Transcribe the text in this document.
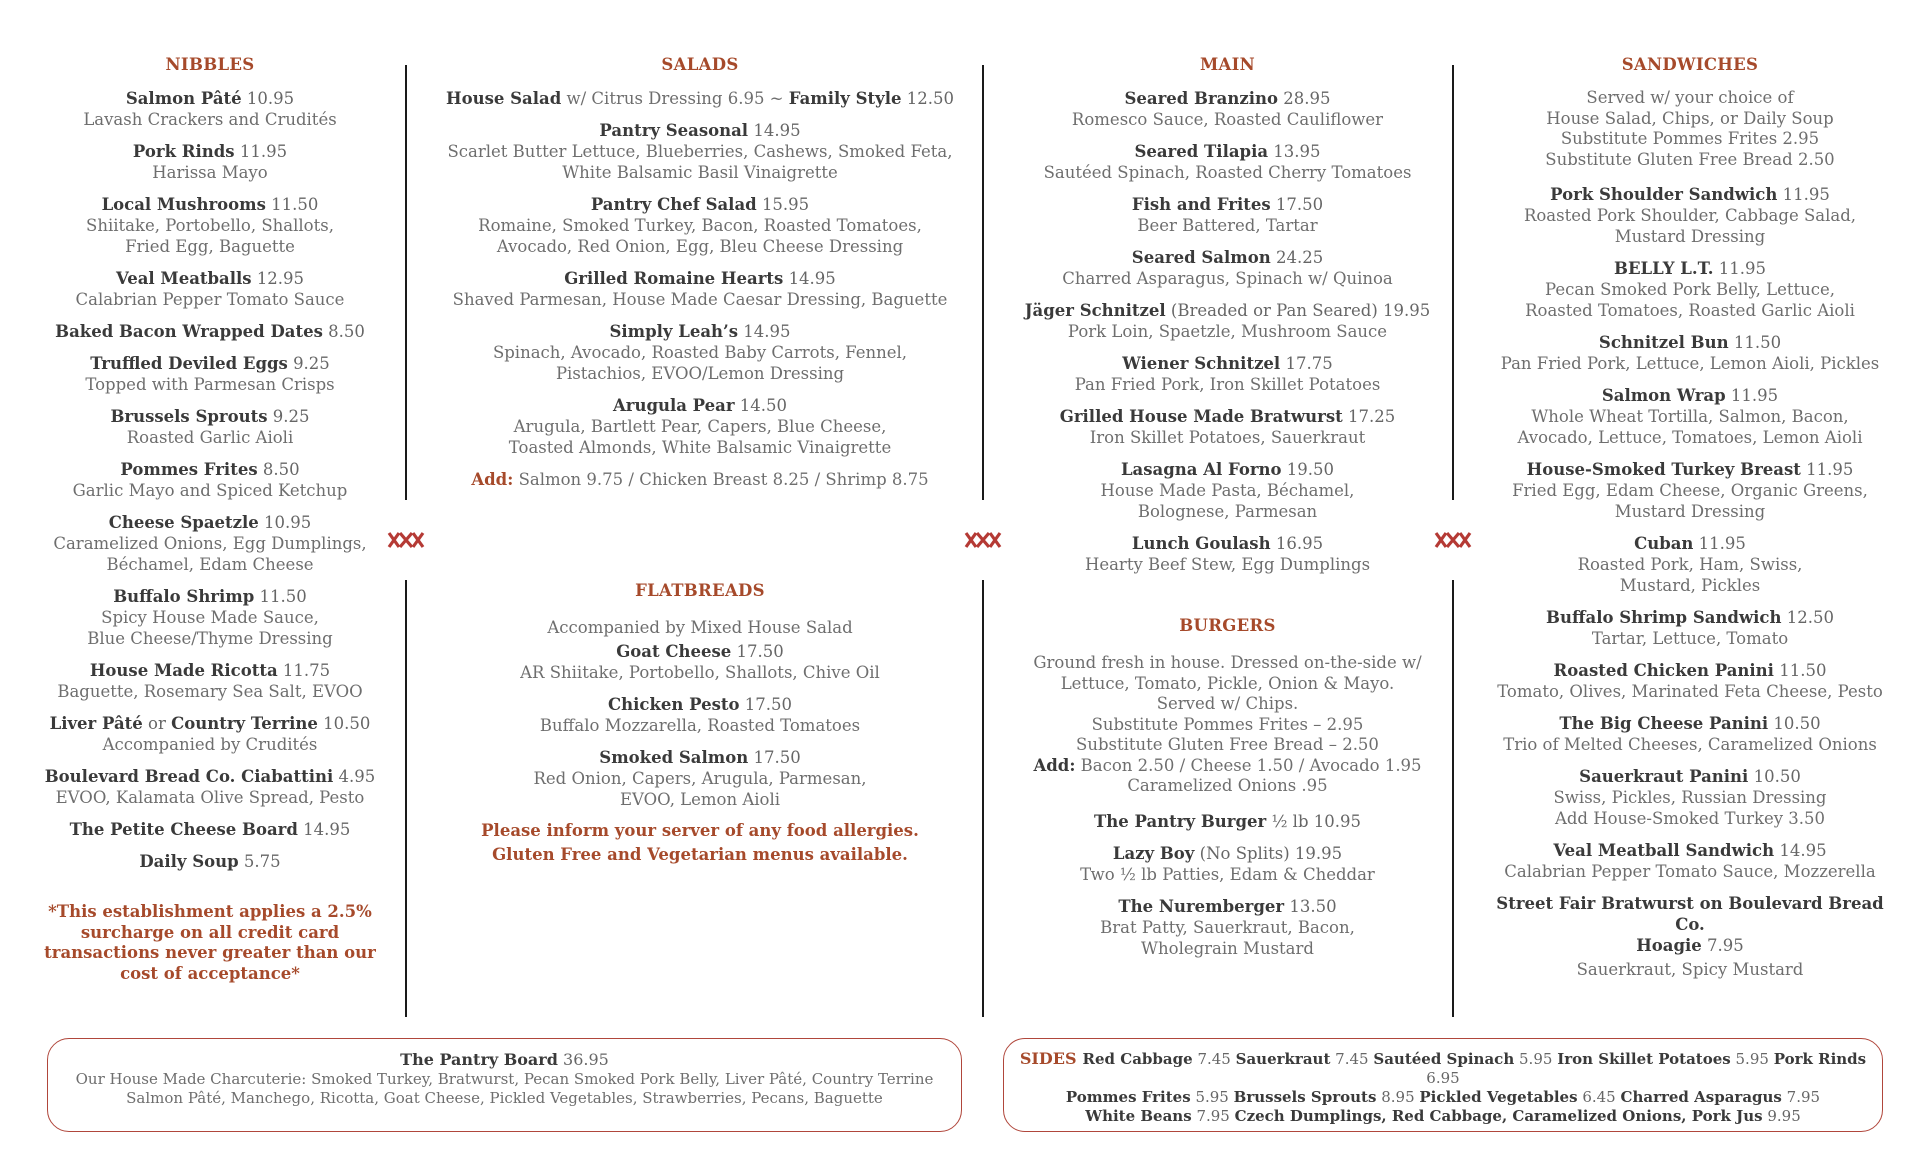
NIBBLES
Salmon Pâté 10.95
Lavash Crackers and Crudités
Pork Rinds 11.95
Harissa Mayo
Local Mushrooms 11.50
Shiitake, Portobello, Shallots,
Fried Egg, Baguette
Veal Meatballs 12.95
Calabrian Pepper Tomato Sauce
Baked Bacon Wrapped Dates 8.50
Truffled Deviled Eggs 9.25
Topped with Parmesan Crisps
Brussels Sprouts 9.25
Roasted Garlic Aioli
Pommes Frites 8.50
Garlic Mayo and Spiced Ketchup
Cheese Spaetzle 10.95
Caramelized Onions, Egg Dumplings,
Béchamel, Edam Cheese
Buffalo Shrimp 11.50
Spicy House Made Sauce,
Blue Cheese/Thyme Dressing
House Made Ricotta 11.75
Baguette, Rosemary Sea Salt, EVOO
Liver Pâté or Country Terrine 10.50
Accompanied by Crudités
Boulevard Bread Co. Ciabattini 4.95
EVOO, Kalamata Olive Spread, Pesto
The Petite Cheese Board 14.95
Daily Soup 5.75
*This establishment applies a 2.5%
surcharge on all credit card
transactions never greater than our
cost of acceptance*
SALADS
House Salad w/ Citrus Dressing 6.95 ~ Family Style 12.50
Pantry Seasonal 14.95
Scarlet Butter Lettuce, Blueberries, Cashews, Smoked Feta,
White Balsamic Basil Vinaigrette
Pantry Chef Salad 15.95
Romaine, Smoked Turkey, Bacon, Roasted Tomatoes,
Avocado, Red Onion, Egg, Bleu Cheese Dressing
Grilled Romaine Hearts 14.95
Shaved Parmesan, House Made Caesar Dressing, Baguette
Simply Leah’s 14.95
Spinach, Avocado, Roasted Baby Carrots, Fennel,
Pistachios, EVOO/Lemon Dressing
Arugula Pear 14.50
Arugula, Bartlett Pear, Capers, Blue Cheese,
Toasted Almonds, White Balsamic Vinaigrette
Add: Salmon 9.75 / Chicken Breast 8.25 / Shrimp 8.75
FLATBREADS
Accompanied by Mixed House Salad
Goat Cheese 17.50
AR Shiitake, Portobello, Shallots, Chive Oil
Chicken Pesto 17.50
Buffalo Mozzarella, Roasted Tomatoes
Smoked Salmon 17.50
Red Onion, Capers, Arugula, Parmesan,
EVOO, Lemon Aioli
Please inform your server of any food allergies.
Gluten Free and Vegetarian menus available.
MAIN
Seared Branzino 28.95
Romesco Sauce, Roasted Cauliflower
Seared Tilapia 13.95
Sautéed Spinach, Roasted Cherry Tomatoes
Fish and Frites 17.50
Beer Battered, Tartar
Seared Salmon 24.25
Charred Asparagus, Spinach w/ Quinoa
Jäger Schnitzel (Breaded or Pan Seared) 19.95
Pork Loin, Spaetzle, Mushroom Sauce
Wiener Schnitzel 17.75
Pan Fried Pork, Iron Skillet Potatoes
Grilled House Made Bratwurst 17.25
Iron Skillet Potatoes, Sauerkraut
Lasagna Al Forno 19.50
House Made Pasta, Béchamel,
Bolognese, Parmesan
Lunch Goulash 16.95
Hearty Beef Stew, Egg Dumplings
BURGERS
Ground fresh in house. Dressed on-the-side w/
Lettuce, Tomato, Pickle, Onion & Mayo.
Served w/ Chips.
Substitute Pommes Frites – 2.95
Substitute Gluten Free Bread – 2.50
Add: Bacon 2.50 / Cheese 1.50 / Avocado 1.95
Caramelized Onions .95
The Pantry Burger ½ lb 10.95
Lazy Boy (No Splits) 19.95
Two ½ lb Patties, Edam & Cheddar
The Nuremberger 13.50
Brat Patty, Sauerkraut, Bacon,
Wholegrain Mustard
SANDWICHES
Served w/ your choice of
House Salad, Chips, or Daily Soup
Substitute Pommes Frites 2.95
Substitute Gluten Free Bread 2.50
Pork Shoulder Sandwich 11.95
Roasted Pork Shoulder, Cabbage Salad,
Mustard Dressing
BELLY L.T. 11.95
Pecan Smoked Pork Belly, Lettuce,
Roasted Tomatoes, Roasted Garlic Aioli
Schnitzel Bun 11.50
Pan Fried Pork, Lettuce, Lemon Aioli, Pickles
Salmon Wrap 11.95
Whole Wheat Tortilla, Salmon, Bacon,
Avocado, Lettuce, Tomatoes, Lemon Aioli
House-Smoked Turkey Breast 11.95
Fried Egg, Edam Cheese, Organic Greens,
Mustard Dressing
Cuban 11.95
Roasted Pork, Ham, Swiss,
Mustard, Pickles
Buffalo Shrimp Sandwich 12.50
Tartar, Lettuce, Tomato
Roasted Chicken Panini 11.50
Tomato, Olives, Marinated Feta Cheese, Pesto
The Big Cheese Panini 10.50
Trio of Melted Cheeses, Caramelized Onions
Sauerkraut Panini 10.50
Swiss, Pickles, Russian Dressing
Add House-Smoked Turkey 3.50
Veal Meatball Sandwich 14.95
Calabrian Pepper Tomato Sauce, Mozzerella
Street Fair Bratwurst on Boulevard Bread Co.
Hoagie 7.95
Sauerkraut, Spicy Mustard
The Pantry Board 36.95
Our House Made Charcuterie: Smoked Turkey, Bratwurst, Pecan Smoked Pork Belly, Liver Pâté, Country Terrine
Salmon Pâté, Manchego, Ricotta, Goat Cheese, Pickled Vegetables, Strawberries, Pecans, Baguette
SIDES Red Cabbage 7.45 Sauerkraut 7.45 Sautéed Spinach 5.95 Iron Skillet Potatoes 5.95 Pork Rinds 6.95
Pommes Frites 5.95 Brussels Sprouts 8.95 Pickled Vegetables 6.45 Charred Asparagus 7.95
White Beans 7.95 Czech Dumplings, Red Cabbage, Caramelized Onions, Pork Jus 9.95
